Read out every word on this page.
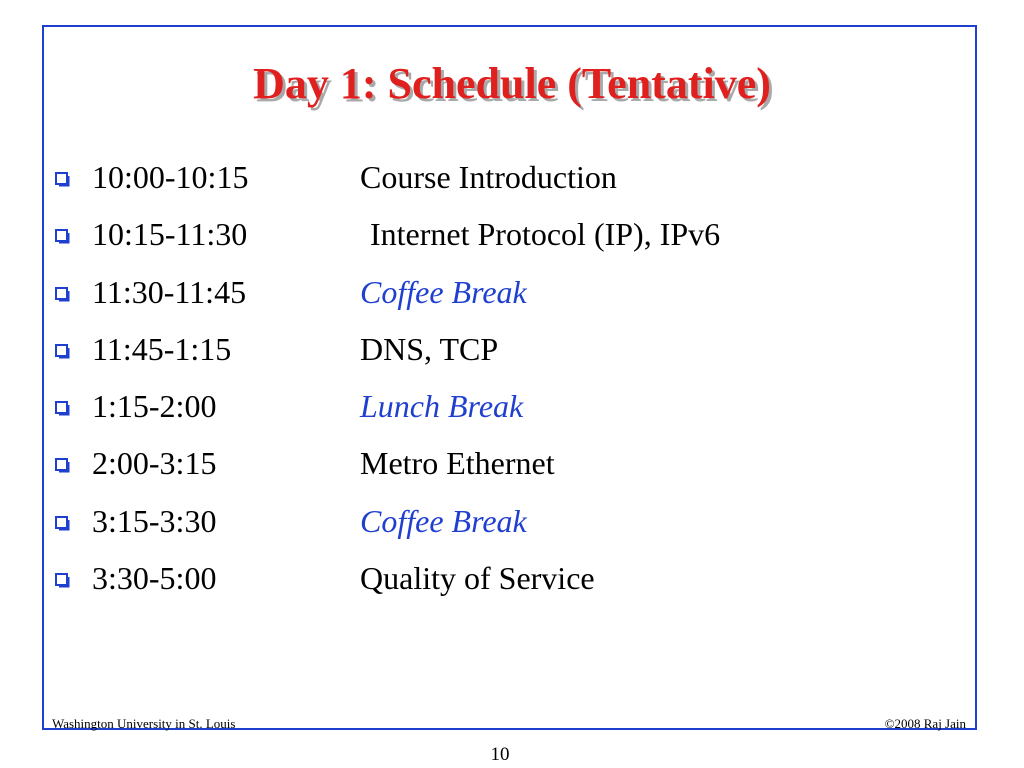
Day 1: Schedule (Tentative)
10:00-10:15	Course Introduction
10:15-11:30	Internet Protocol (IP), IPv6
11:30-11:45	Coffee Break
11:45-1:15	DNS, TCP
1:15-2:00	Lunch Break
2:00-3:15	Metro Ethernet
3:15-3:30	Coffee Break
3:30-5:00	Quality of Service
Washington University in St. Louis	©2008 Raj Jain
10
